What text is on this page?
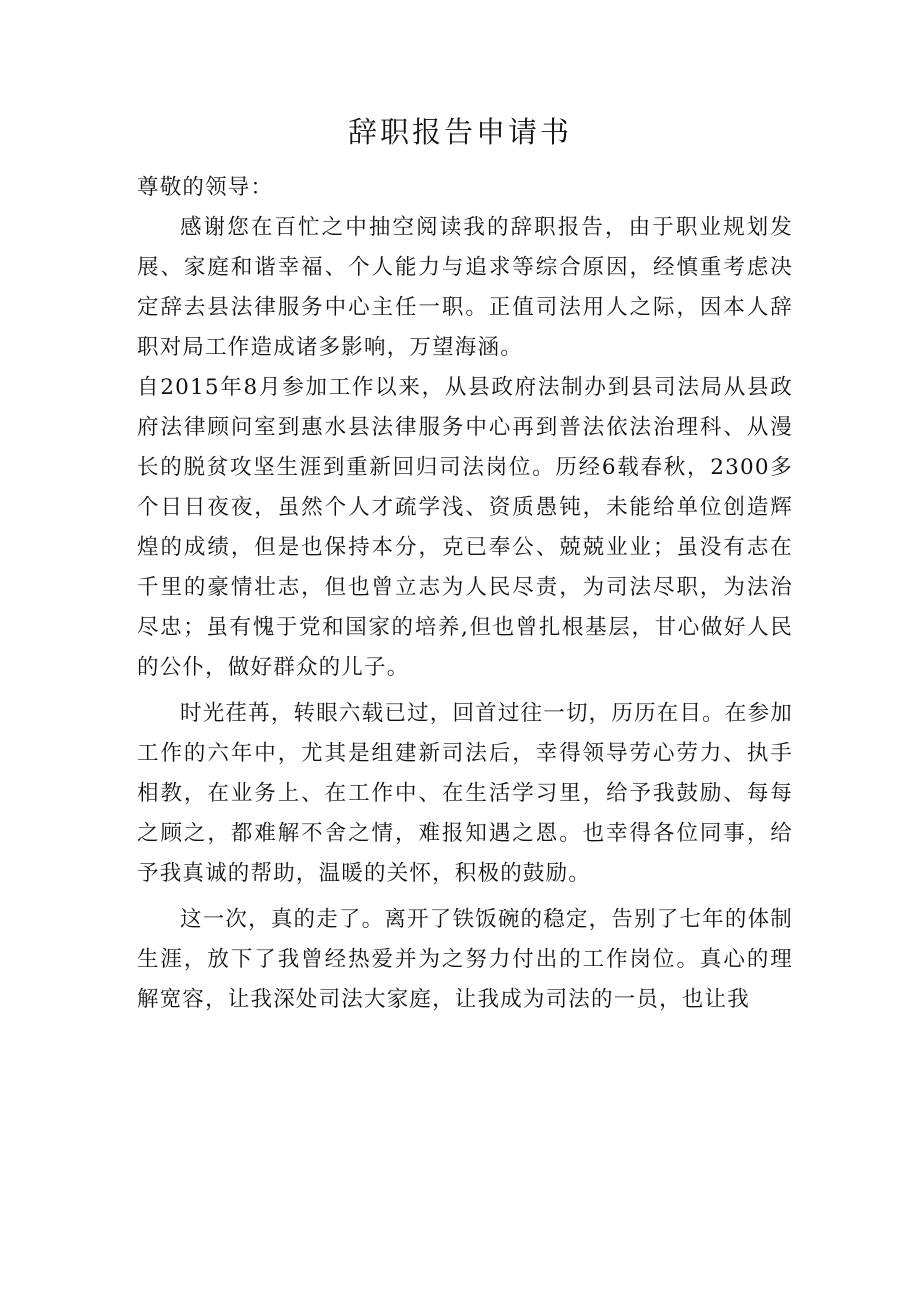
辞职报告申请书

尊敬的领导：

感谢您在百忙之中抽空阅读我的辞职报告，由于职业规划发展、家庭和谐幸福、个人能力与追求等综合原因，经慎重考虑决定辞去县法律服务中心主任一职。正值司法用人之际，因本人辞职对局工作造成诸多影响，万望海涵。

自2015年8月参加工作以来，从县政府法制办到县司法局从县政府法律顾问室到惠水县法律服务中心再到普法依法治理科、从漫长的脱贫攻坚生涯到重新回归司法岗位。历经6载春秋，2300多个日日夜夜，虽然个人才疏学浅、资质愚钝，未能给单位创造辉煌的成绩，但是也保持本分，克已奉公、兢兢业业；虽没有志在千里的豪情壮志，但也曾立志为人民尽责，为司法尽职，为法治尽忠；虽有愧于党和国家的培养,但也曾扎根基层，甘心做好人民的公仆，做好群众的儿子。

时光荏苒，转眼六载已过，回首过往一切，历历在目。在参加工作的六年中，尤其是组建新司法后，幸得领导劳心劳力、执手相教，在业务上、在工作中、在生活学习里，给予我鼓励、每每之顾之，都难解不舍之情，难报知遇之恩。也幸得各位同事，给予我真诚的帮助，温暖的关怀，积极的鼓励。

这一次，真的走了。离开了铁饭碗的稳定，告别了七年的体制生涯，放下了我曾经热爱并为之努力付出的工作岗位。真心的理解宽容，让我深处司法大家庭，让我成为司法的一员，也让我
